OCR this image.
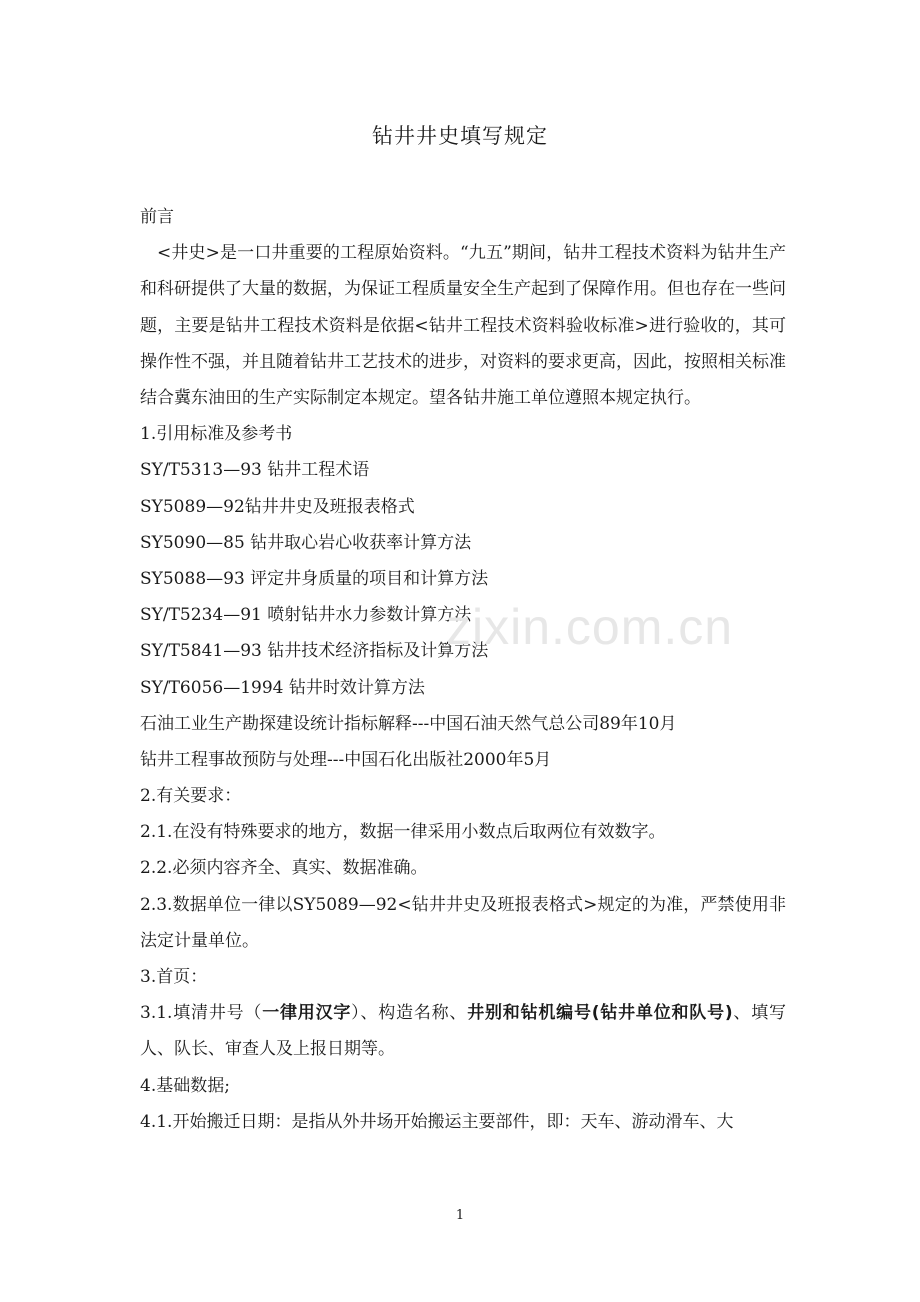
钻井井史填写规定
前言
<井史>是一口井重要的工程原始资料。“九五”期间，钻井工程技术资料为钻井生产和科研提供了大量的数据，为保证工程质量安全生产起到了保障作用。但也存在一些问题，主要是钻井工程技术资料是依据<钻井工程技术资料验收标准>进行验收的，其可操作性不强，并且随着钻井工艺技术的进步，对资料的要求更高，因此，按照相关标准结合冀东油田的生产实际制定本规定。望各钻井施工单位遵照本规定执行。
1.引用标准及参考书
SY/T5313—93 钻井工程术语
SY5089—92钻井井史及班报表格式
SY5090—85 钻井取心岩心收获率计算方法
SY5088—93 评定井身质量的项目和计算方法
SY/T5234—91 喷射钻井水力参数计算方法
SY/T5841—93 钻井技术经济指标及计算方法
SY/T6056—1994 钻井时效计算方法
石油工业生产勘探建设统计指标解释---中国石油天然气总公司89年10月
钻井工程事故预防与处理---中国石化出版社2000年5月
2.有关要求：
2.1.在没有特殊要求的地方，数据一律采用小数点后取两位有效数字。
2.2.必须内容齐全、真实、数据准确。
2.3.数据单位一律以SY5089—92<钻井井史及班报表格式>规定的为准，严禁使用非法定计量单位。
3.首页：
3.1.填清井号（一律用汉字）、构造名称、井别和钻机编号(钻井单位和队号)、填写人、队长、审查人及上报日期等。
4.基础数据;
4.1.开始搬迁日期：是指从外井场开始搬运主要部件，即：天车、游动滑车、大
zixin.com.cn
1
